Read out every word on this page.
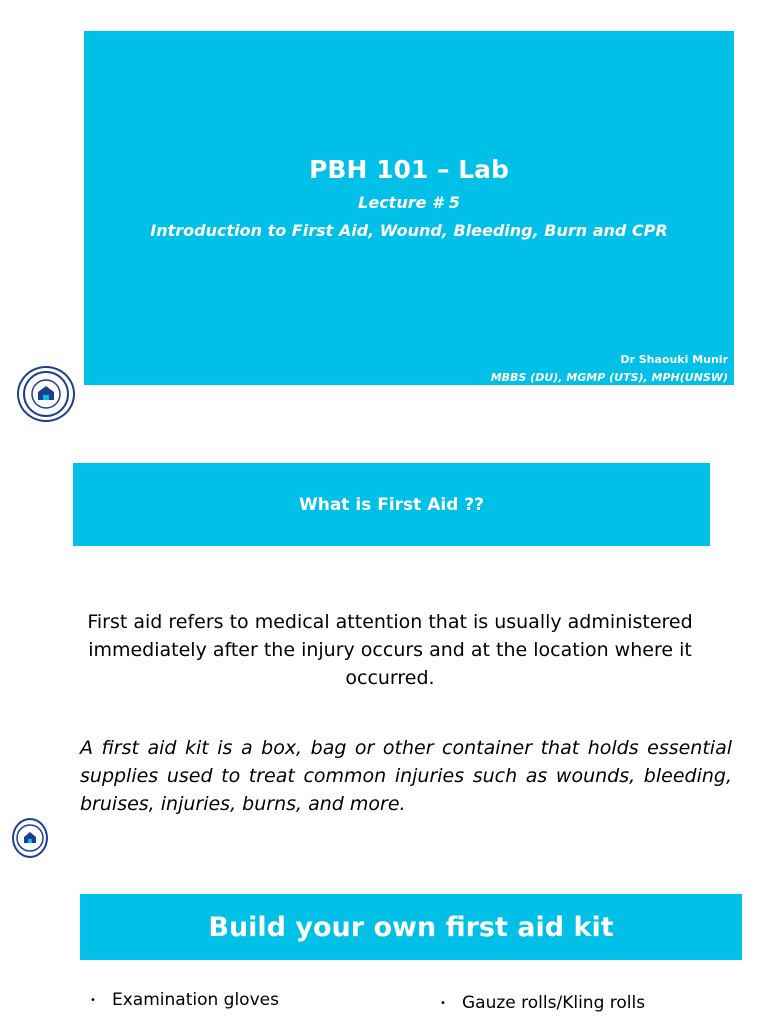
PBH 101 – Lab
Lecture # 5
Introduction to First Aid, Wound, Bleeding, Burn and CPR
Dr Shaouki Munir
MBBS (DU), MGMP (UTS), MPH(UNSW)
What is First Aid ??
First aid refers to medical attention that is usually administered immediately after the injury occurs and at the location where it occurred.
A first aid kit is a box, bag or other container that holds essential supplies used to treat common injuries such as wounds, bleeding, bruises, injuries, burns, and more.
Build your own first aid kit
• Examination gloves	• Gauze rolls/Kling rolls
